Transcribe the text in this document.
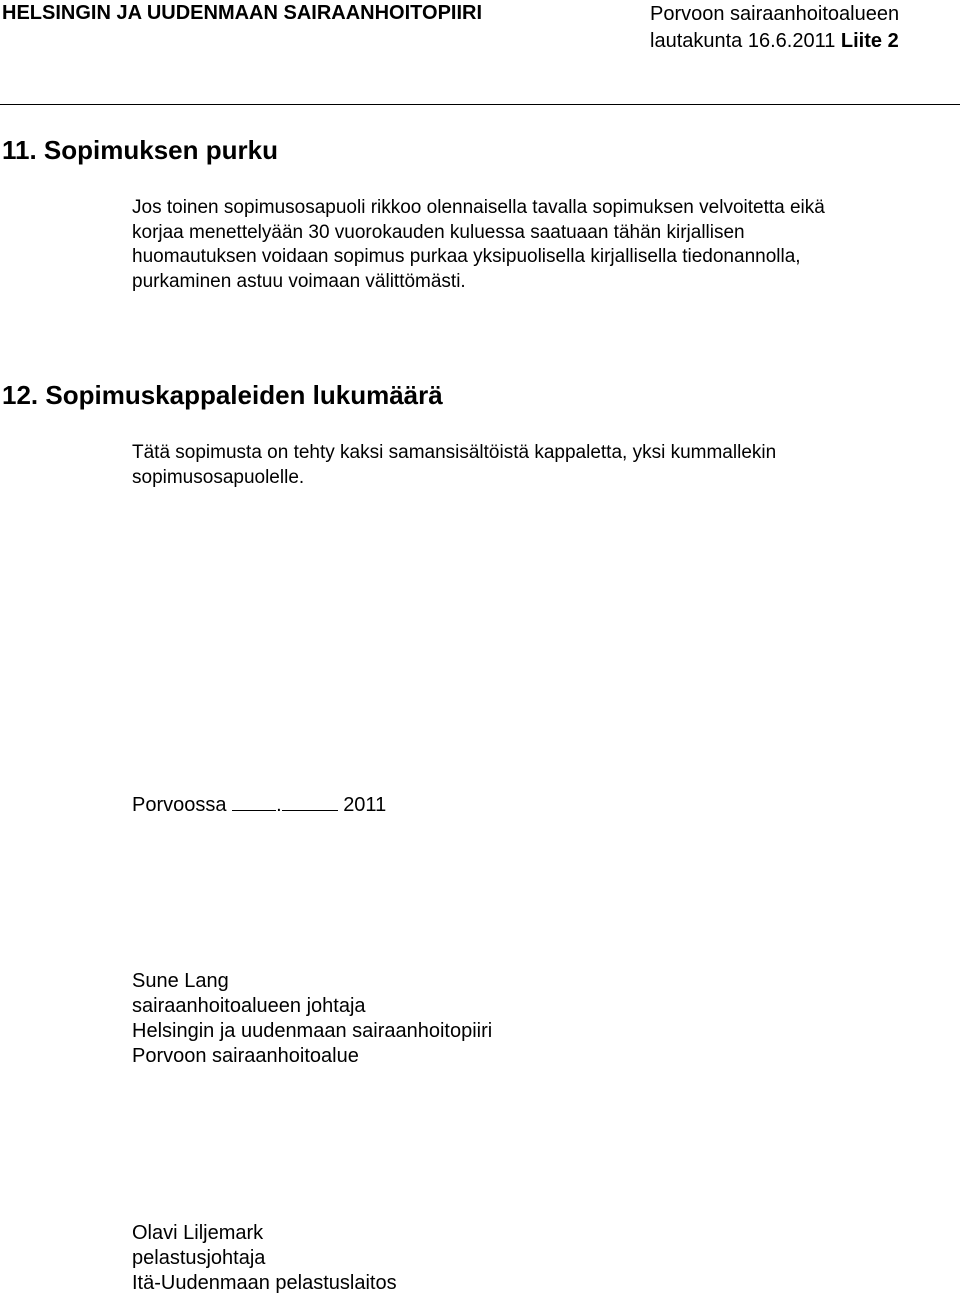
HELSINGIN JA UUDENMAAN SAIRAANHOITOPIIRI	Porvoon sairaanhoitoalueen
lautakunta 16.6.2011 Liite 2
11. Sopimuksen purku
Jos toinen sopimusosapuoli rikkoo olennaisella tavalla sopimuksen velvoitetta eikä
korjaa menettelyään 30 vuorokauden kuluessa saatuaan tähän kirjallisen
huomautuksen voidaan sopimus purkaa yksipuolisella kirjallisella tiedonannolla,
purkaminen astuu voimaan välittömästi.
12. Sopimuskappaleiden lukumäärä
Tätä sopimusta on tehty kaksi samansisältöistä kappaletta, yksi kummallekin
sopimusosapuolelle.
Porvoossa .	2011
Sune Lang
sairaanhoitoalueen johtaja
Helsingin ja uudenmaan sairaanhoitopiiri
Porvoon sairaanhoitoalue
Olavi Liljemark
pelastusjohtaja
Itä-Uudenmaan pelastuslaitos
